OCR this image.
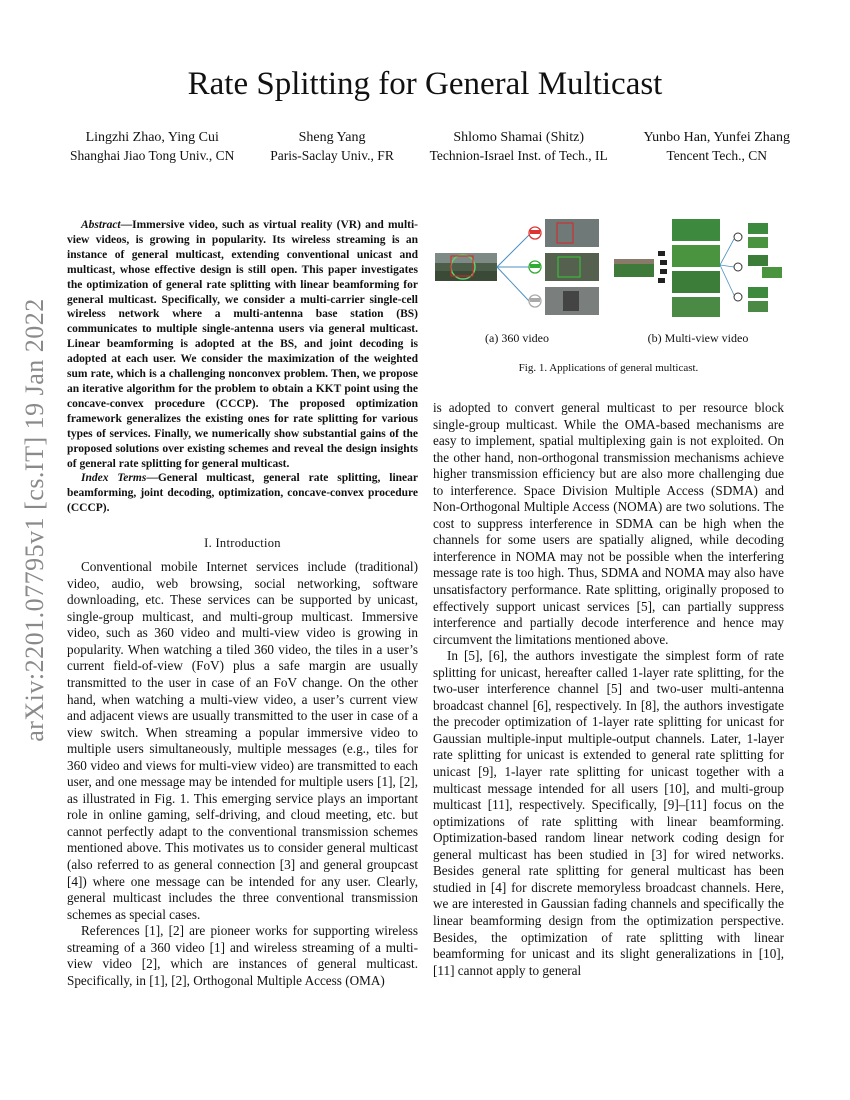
arXiv:2201.07795v1 [cs.IT] 19 Jan 2022
Rate Splitting for General Multicast
Lingzhi Zhao, Ying Cui
Shanghai Jiao Tong Univ., CN
Sheng Yang
Paris-Saclay Univ., FR
Shlomo Shamai (Shitz)
Technion-Israel Inst. of Tech., IL
Yunbo Han, Yunfei Zhang
Tencent Tech., CN

Abstract—Immersive video, such as virtual reality (VR) and multi-view videos, is growing in popularity. Its wireless streaming is an instance of general multicast, extending conventional unicast and multicast, whose effective design is still open. This paper investigates the optimization of general rate splitting with linear beamforming for general multicast. Specifically, we consider a multi-carrier single-cell wireless network where a multi-antenna base station (BS) communicates to multiple single-antenna users via general multicast. Linear beamforming is adopted at the BS, and joint decoding is adopted at each user. We consider the maximization of the weighted sum rate, which is a challenging nonconvex problem. Then, we propose an iterative algorithm for the problem to obtain a KKT point using the concave-convex procedure (CCCP). The proposed optimization framework generalizes the existing ones for rate splitting for various types of services. Finally, we numerically show substantial gains of the proposed solutions over existing schemes and reveal the design insights of general rate splitting for general multicast.

Index Terms—General multicast, general rate splitting, linear beamforming, joint decoding, optimization, concave-convex procedure (CCCP).

I. Introduction

Conventional mobile Internet services include (traditional) video, audio, web browsing, social networking, software downloading, etc. These services can be supported by unicast, single-group multicast, and multi-group multicast. Immersive video, such as 360 video and multi-view video is growing in popularity. When watching a tiled 360 video, the tiles in a user’s current field-of-view (FoV) plus a safe margin are usually transmitted to the user in case of an FoV change. On the other hand, when watching a multi-view video, a user’s current view and adjacent views are usually transmitted to the user in case of a view switch. When streaming a popular immersive video to multiple users simultaneously, multiple messages (e.g., tiles for 360 video and views for multi-view video) are transmitted to each user, and one message may be intended for multiple users [1], [2], as illustrated in Fig. 1. This emerging service plays an important role in online gaming, self-driving, and cloud meeting, etc. but cannot perfectly adapt to the conventional transmission schemes mentioned above. This motivates us to consider general multicast (also referred to as general connection [3] and general groupcast [4]) where one message can be intended for any user. Clearly, general multicast includes the three conventional transmission schemes as special cases.

References [1], [2] are pioneer works for supporting wireless streaming of a 360 video [1] and wireless streaming of a multi-view video [2], which are instances of general multicast. Specifically, in [1], [2], Orthogonal Multiple Access (OMA)

(a) 360 video	(b) Multi-view video
Fig. 1. Applications of general multicast.

is adopted to convert general multicast to per resource block single-group multicast. While the OMA-based mechanisms are easy to implement, spatial multiplexing gain is not exploited. On the other hand, non-orthogonal transmission mechanisms achieve higher transmission efficiency but are also more challenging due to interference. Space Division Multiple Access (SDMA) and Non-Orthogonal Multiple Access (NOMA) are two solutions. The cost to suppress interference in SDMA can be high when the channels for some users are spatially aligned, while decoding interference in NOMA may not be possible when the interfering message rate is too high. Thus, SDMA and NOMA may also have unsatisfactory performance. Rate splitting, originally proposed to effectively support unicast services [5], can partially suppress interference and partially decode interference and hence may circumvent the limitations mentioned above.

In [5], [6], the authors investigate the simplest form of rate splitting for unicast, hereafter called 1-layer rate splitting, for the two-user interference channel [5] and two-user multi-antenna broadcast channel [6], respectively. In [8], the authors investigate the precoder optimization of 1-layer rate splitting for unicast for Gaussian multiple-input multiple-output channels. Later, 1-layer rate splitting for unicast is extended to general rate splitting for unicast [9], 1-layer rate splitting for unicast together with a multicast message intended for all users [10], and multi-group multicast [11], respectively. Specifically, [9]–[11] focus on the optimizations of rate splitting with linear beamforming. Optimization-based random linear network coding design for general multicast has been studied in [3] for wired networks. Besides general rate splitting for general multicast has been studied in [4] for discrete memoryless broadcast channels. Here, we are interested in Gaussian fading channels and specifically the linear beamforming design from the optimization perspective. Besides, the optimization of rate splitting with linear beamforming for unicast and its slight generalizations in [10], [11] cannot apply to general
